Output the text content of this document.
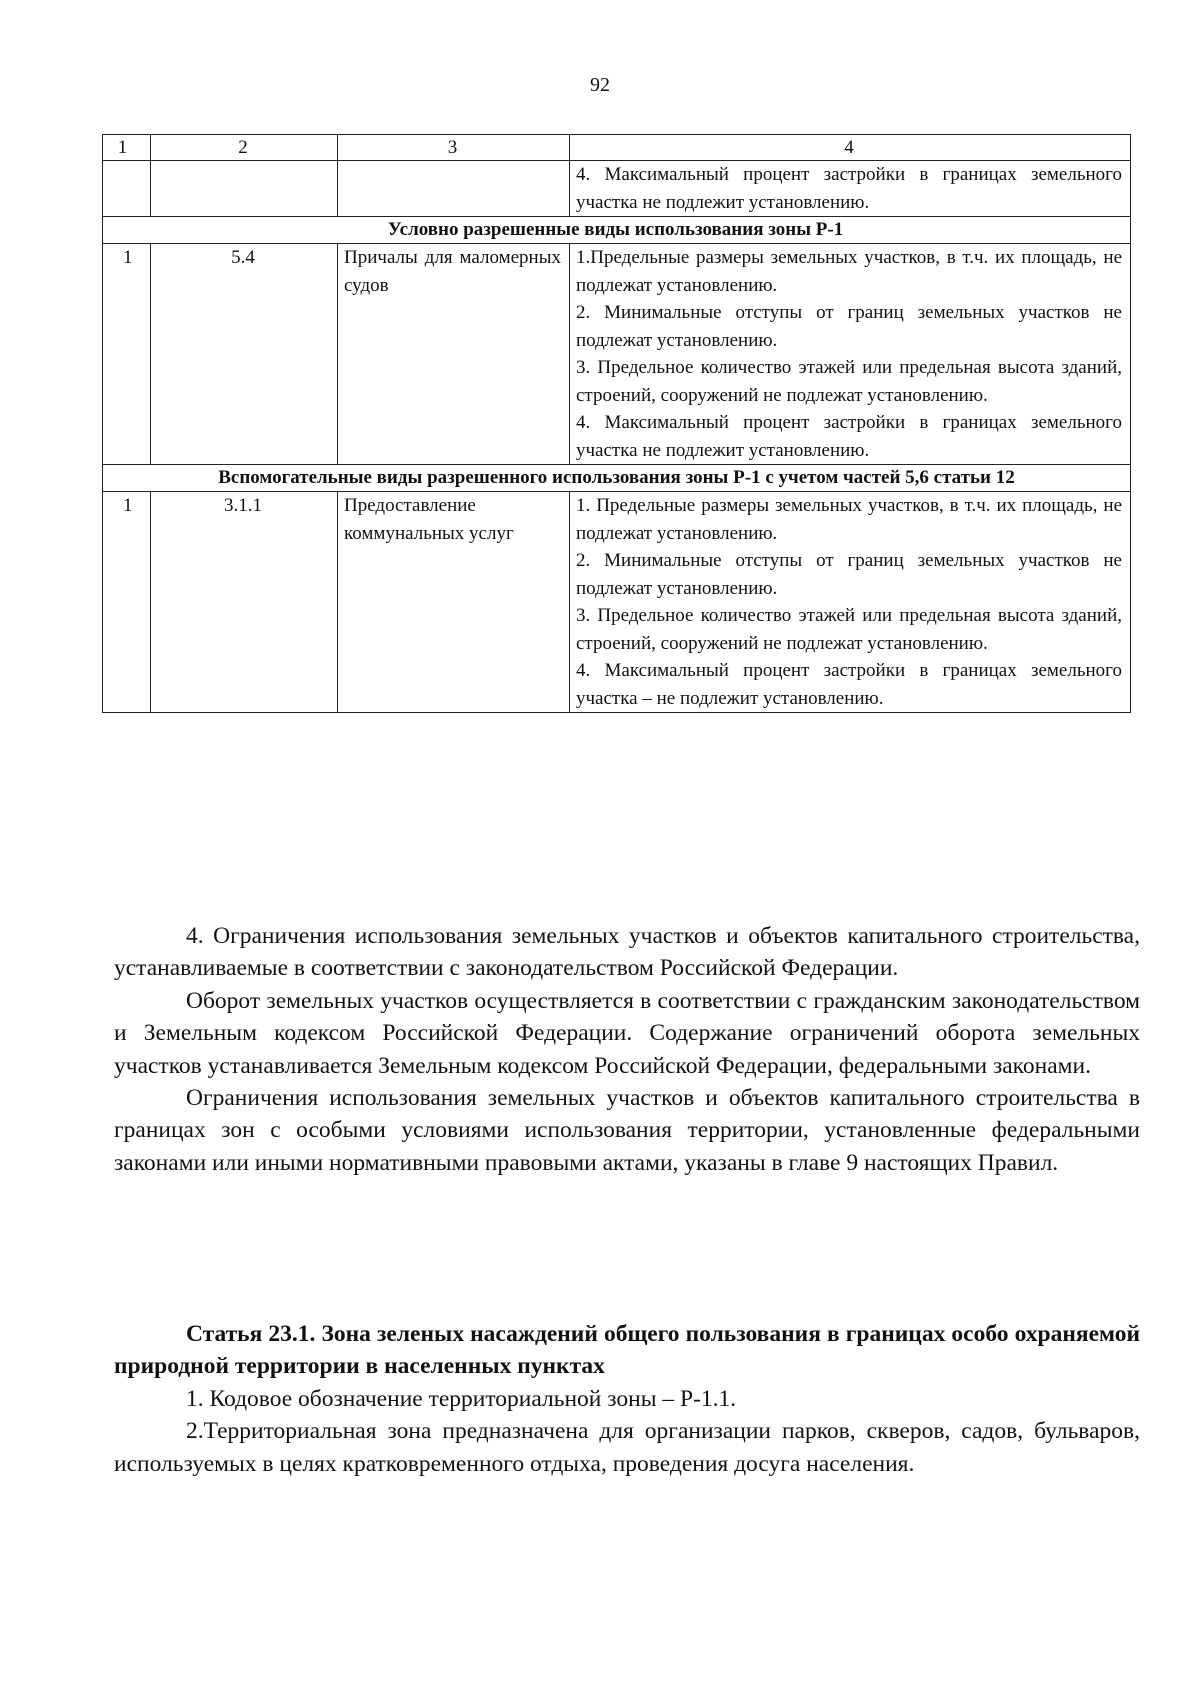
92
1	2	3	4

			4. Максимальный процент застройки в границах земельного участка не подлежит установлению.

Условно разрешенные виды использования зоны Р-1			
1	5.4	Причалы для маломерных судов	1.Предельные размеры земельных участков, в т.ч. их площадь, не подлежат установлению.
2. Минимальные отступы от границ земельных участков не подлежат установлению.
3. Предельное количество этажей или предельная высота зданий, строений, сооружений не подлежат установлению.
4. Максимальный процент застройки в границах земельного участка не подлежит установлению.

Вспомогательные виды разрешенного использования зоны Р-1 с учетом частей 5,6 статьи 12			
1	3.1.1	Предоставление коммунальных услуг	1. Предельные размеры земельных участков, в т.ч. их площадь, не подлежат установлению.
2. Минимальные отступы от границ земельных участков не подлежат установлению.
3. Предельное количество этажей или предельная высота зданий, строений, сооружений не подлежат установлению.
4. Максимальный процент застройки в границах земельного участка – не подлежит установлению.

4. Ограничения использования земельных участков и объектов капитального строительства, устанавливаемые в соответствии с законодательством Российской Федерации.

Оборот земельных участков осуществляется в соответствии с гражданским законодательством и Земельным кодексом Российской Федерации. Содержание ограничений оборота земельных участков устанавливается Земельным кодексом Российской Федерации, федеральными законами.

Ограничения использования земельных участков и объектов капитального строительства в границах зон с особыми условиями использования территории, установленные федеральными законами или иными нормативными правовыми актами, указаны в главе 9 настоящих Правил.

Статья 23.1. Зона зеленых насаждений общего пользования в границах особо охраняемой природной территории в населенных пунктах

1. Кодовое обозначение территориальной зоны – Р-1.1.

2.Территориальная зона предназначена для организации парков, скверов, садов, бульваров, используемых в целях кратковременного отдыха, проведения досуга населения.
